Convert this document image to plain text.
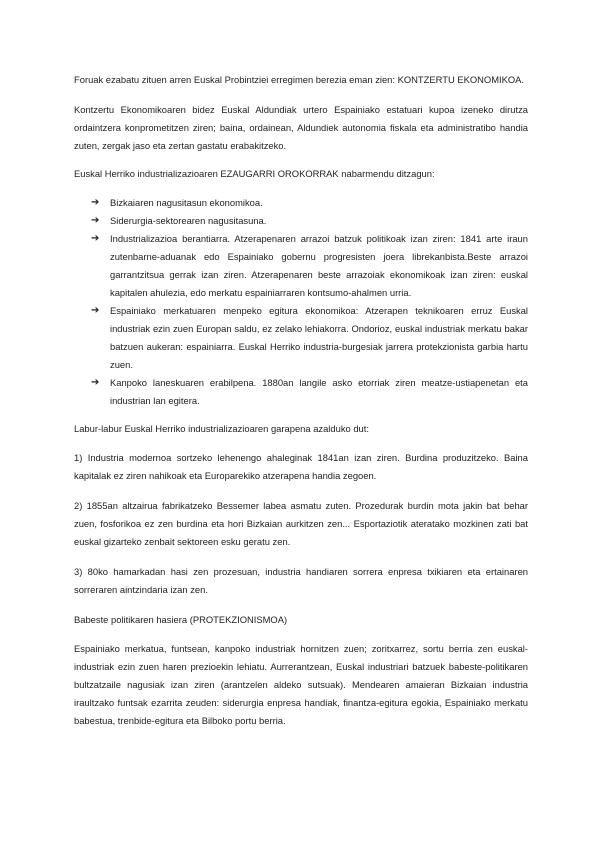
Foruak ezabatu zituen arren Euskal Probintziei erregimen berezia eman zien: KONTZERTU EKONOMIKOA.

Kontzertu Ekonomikoaren bidez Euskal Aldundiak urtero Espainiako estatuari kupoa izeneko dirutza ordaintzera konprometitzen ziren; baina, ordainean, Aldundiek autonomia fiskala eta administratibo handia zuten, zergak jaso eta zertan gastatu erabakitzeko.

Euskal Herriko industrializazioaren EZAUGARRI OROKORRAK nabarmendu ditzagun:

➔ Bizkaiaren nagusitasun ekonomikoa.
➔ Siderurgia-sektorearen nagusitasuna.
➔ Industrializazioa berantiarra. Atzerapenaren arrazoi batzuk politikoak izan ziren: 1841 arte iraun zutenbarne-aduanak edo Espainiako gobernu progresisten joera librekanbista.Beste arrazoi garrantzitsua gerrak izan ziren. Atzerapenaren beste arrazoiak ekonomikoak izan ziren: euskal kapitalen ahulezia, edo merkatu espainiarraren kontsumo-ahalmen urria.
➔ Espainiako merkatuaren menpeko egitura ekonomikoa: Atzerapen teknikoaren erruz Euskal industriak ezin zuen Europan saldu, ez zelako lehiakorra. Ondorioz, euskal industriak merkatu bakar batzuen aukeran: espainiarra. Euskal Herriko industria-burgesiak jarrera protekzionista garbia hartu zuen.
➔ Kanpoko laneskuaren erabilpena. 1880an langile asko etorriak ziren meatze-ustiapenetan eta industrian lan egitera.

Labur-labur Euskal Herriko industrializazioaren garapena azalduko dut:

1) Industria modernoa sortzeko lehenengo ahaleginak 1841an izan ziren. Burdina produzitzeko. Baina kapitalak ez ziren nahikoak eta Europarekiko atzerapena handia zegoen.

2) 1855an altzairua fabrikatzeko Bessemer labea asmatu zuten. Prozedurak burdin mota jakin bat behar zuen, fosforikoa ez zen burdina eta hori Bizkaian aurkitzen zen... Esportaziotik ateratako mozkinen zati bat euskal gizarteko zenbait sektoreen esku geratu zen.

3) 80ko hamarkadan hasi zen prozesuan, industria handiaren sorrera enpresa txikiaren eta ertainaren sorreraren aintzindaria izan zen.

Babeste politikaren hasiera (PROTEKZIONISMOA)

Espainiako merkatua, funtsean, kanpoko industriak hornitzen zuen; zoritxarrez, sortu berria zen euskal-industriak ezin zuen haren prezioekin lehiatu. Aurrerantzean, Euskal industriari batzuek babeste-politikaren bultzatzaile nagusiak izan ziren (arantzelen aldeko sutsuak). Mendearen amaieran Bizkaian industria iraultzako funtsak ezarrita zeuden: siderurgia enpresa handiak, finantza-egitura egokia, Espainiako merkatu babestua, trenbide-egitura eta Bilboko portu berria.
